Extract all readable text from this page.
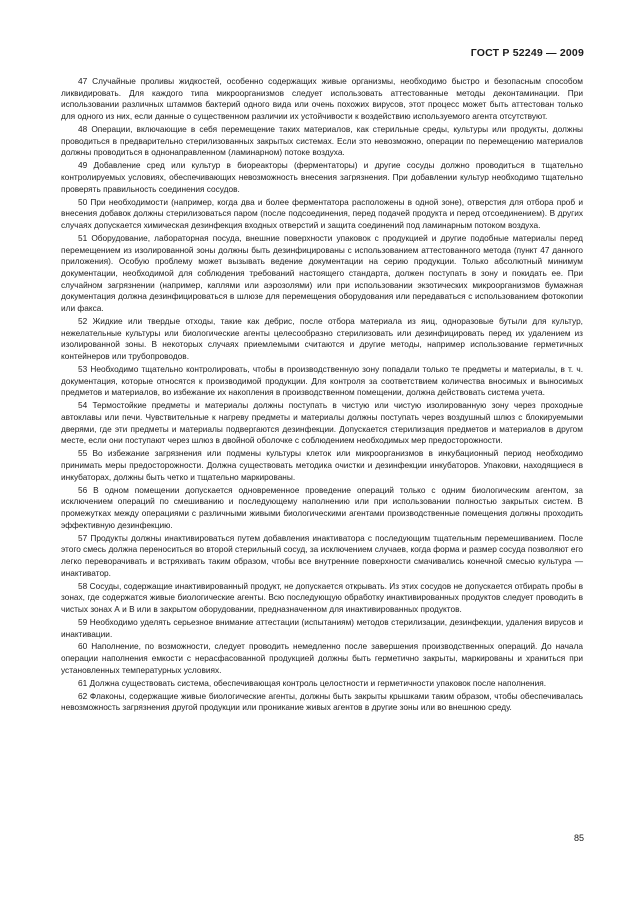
ГОСТ Р 52249 — 2009

47 Случайные проливы жидкостей, особенно содержащих живые организмы, необходимо быстро и безопасным способом ликвидировать. Для каждого типа микроорганизмов следует использовать аттестованные методы деконтаминации. При использовании различных штаммов бактерий одного вида или очень похожих вирусов, этот процесс может быть аттестован только для одного из них, если данные о существенном различии их устойчивости к воздействию используемого агента отсутствуют.

48 Операции, включающие в себя перемещение таких материалов, как стерильные среды, культуры или продукты, должны проводиться в предварительно стерилизованных закрытых системах. Если это невозможно, операции по перемещению материалов должны проводиться в однонаправленном (ламинарном) потоке воздуха.

49 Добавление сред или культур в биореакторы (ферментаторы) и другие сосуды должно проводиться в тщательно контролируемых условиях, обеспечивающих невозможность внесения загрязнения. При добавлении культур необходимо тщательно проверять правильность соединения сосудов.

50 При необходимости (например, когда два и более ферментатора расположены в одной зоне), отверстия для отбора проб и внесения добавок должны стерилизоваться паром (после подсоединения, перед подачей продукта и перед отсоединением). В других случаях допускается химическая дезинфекция входных отверстий и защита соединений под ламинарным потоком воздуха.

51 Оборудование, лабораторная посуда, внешние поверхности упаковок с продукцией и другие подобные материалы перед перемещением из изолированной зоны должны быть дезинфицированы с использованием аттестованного метода (пункт 47 данного приложения). Особую проблему может вызывать ведение документации на серию продукции. Только абсолютный минимум документации, необходимой для соблюдения требований настоящего стандарта, должен поступать в зону и покидать ее. При случайном загрязнении (например, каплями или аэрозолями) или при использовании экзотических микроорганизмов бумажная документация должна дезинфицироваться в шлюзе для перемещения оборудования или передаваться с использованием фотокопии или факса.

52 Жидкие или твердые отходы, такие как дебрис, после отбора материала из яиц, одноразовые бутыли для культур, нежелательные культуры или биологические агенты целесообразно стерилизовать или дезинфицировать перед их удалением из изолированной зоны. В некоторых случаях приемлемыми считаются и другие методы, например использование герметичных контейнеров или трубопроводов.

53 Необходимо тщательно контролировать, чтобы в производственную зону попадали только те предметы и материалы, в т. ч. документация, которые относятся к производимой продукции. Для контроля за соответствием количества вносимых и выносимых предметов и материалов, во избежание их накопления в производственном помещении, должна действовать система учета.

54 Термостойкие предметы и материалы должны поступать в чистую или чистую изолированную зону через проходные автоклавы или печи. Чувствительные к нагреву предметы и материалы должны поступать через воздушный шлюз с блокируемыми дверями, где эти предметы и материалы подвергаются дезинфекции. Допускается стерилизация предметов и материалов в другом месте, если они поступают через шлюз в двойной оболочке с соблюдением необходимых мер предосторожности.

55 Во избежание загрязнения или подмены культуры клеток или микроорганизмов в инкубационный период необходимо принимать меры предосторожности. Должна существовать методика очистки и дезинфекции инкубаторов. Упаковки, находящиеся в инкубаторах, должны быть четко и тщательно маркированы.

56 В одном помещении допускается одновременное проведение операций только с одним биологическим агентом, за исключением операций по смешиванию и последующему наполнению или при использовании полностью закрытых систем. В промежутках между операциями с различными живыми биологическими агентами производственные помещения должны проходить эффективную дезинфекцию.

57 Продукты должны инактивироваться путем добавления инактиватора с последующим тщательным перемешиванием. После этого смесь должна переноситься во второй стерильный сосуд, за исключением случаев, когда форма и размер сосуда позволяют его легко переворачивать и встряхивать таким образом, чтобы все внутренние поверхности смачивались конечной смесью культура — инактиватор.

58 Сосуды, содержащие инактивированный продукт, не допускается открывать. Из этих сосудов не допускается отбирать пробы в зонах, где содержатся живые биологические агенты. Всю последующую обработку инактивированных продуктов следует проводить в чистых зонах А и В или в закрытом оборудовании, предназначенном для инактивированных продуктов.

59 Необходимо уделять серьезное внимание аттестации (испытаниям) методов стерилизации, дезинфекции, удаления вирусов и инактивации.

60 Наполнение, по возможности, следует проводить немедленно после завершения производственных операций. До начала операции наполнения емкости с нерасфасованной продукцией должны быть герметично закрыты, маркированы и храниться при установленных температурных условиях.

61 Должна существовать система, обеспечивающая контроль целостности и герметичности упаковок после наполнения.

62 Флаконы, содержащие живые биологические агенты, должны быть закрыты крышками таким образом, чтобы обеспечивалась невозможность загрязнения другой продукции или проникание живых агентов в другие зоны или во внешнюю среду.

85
